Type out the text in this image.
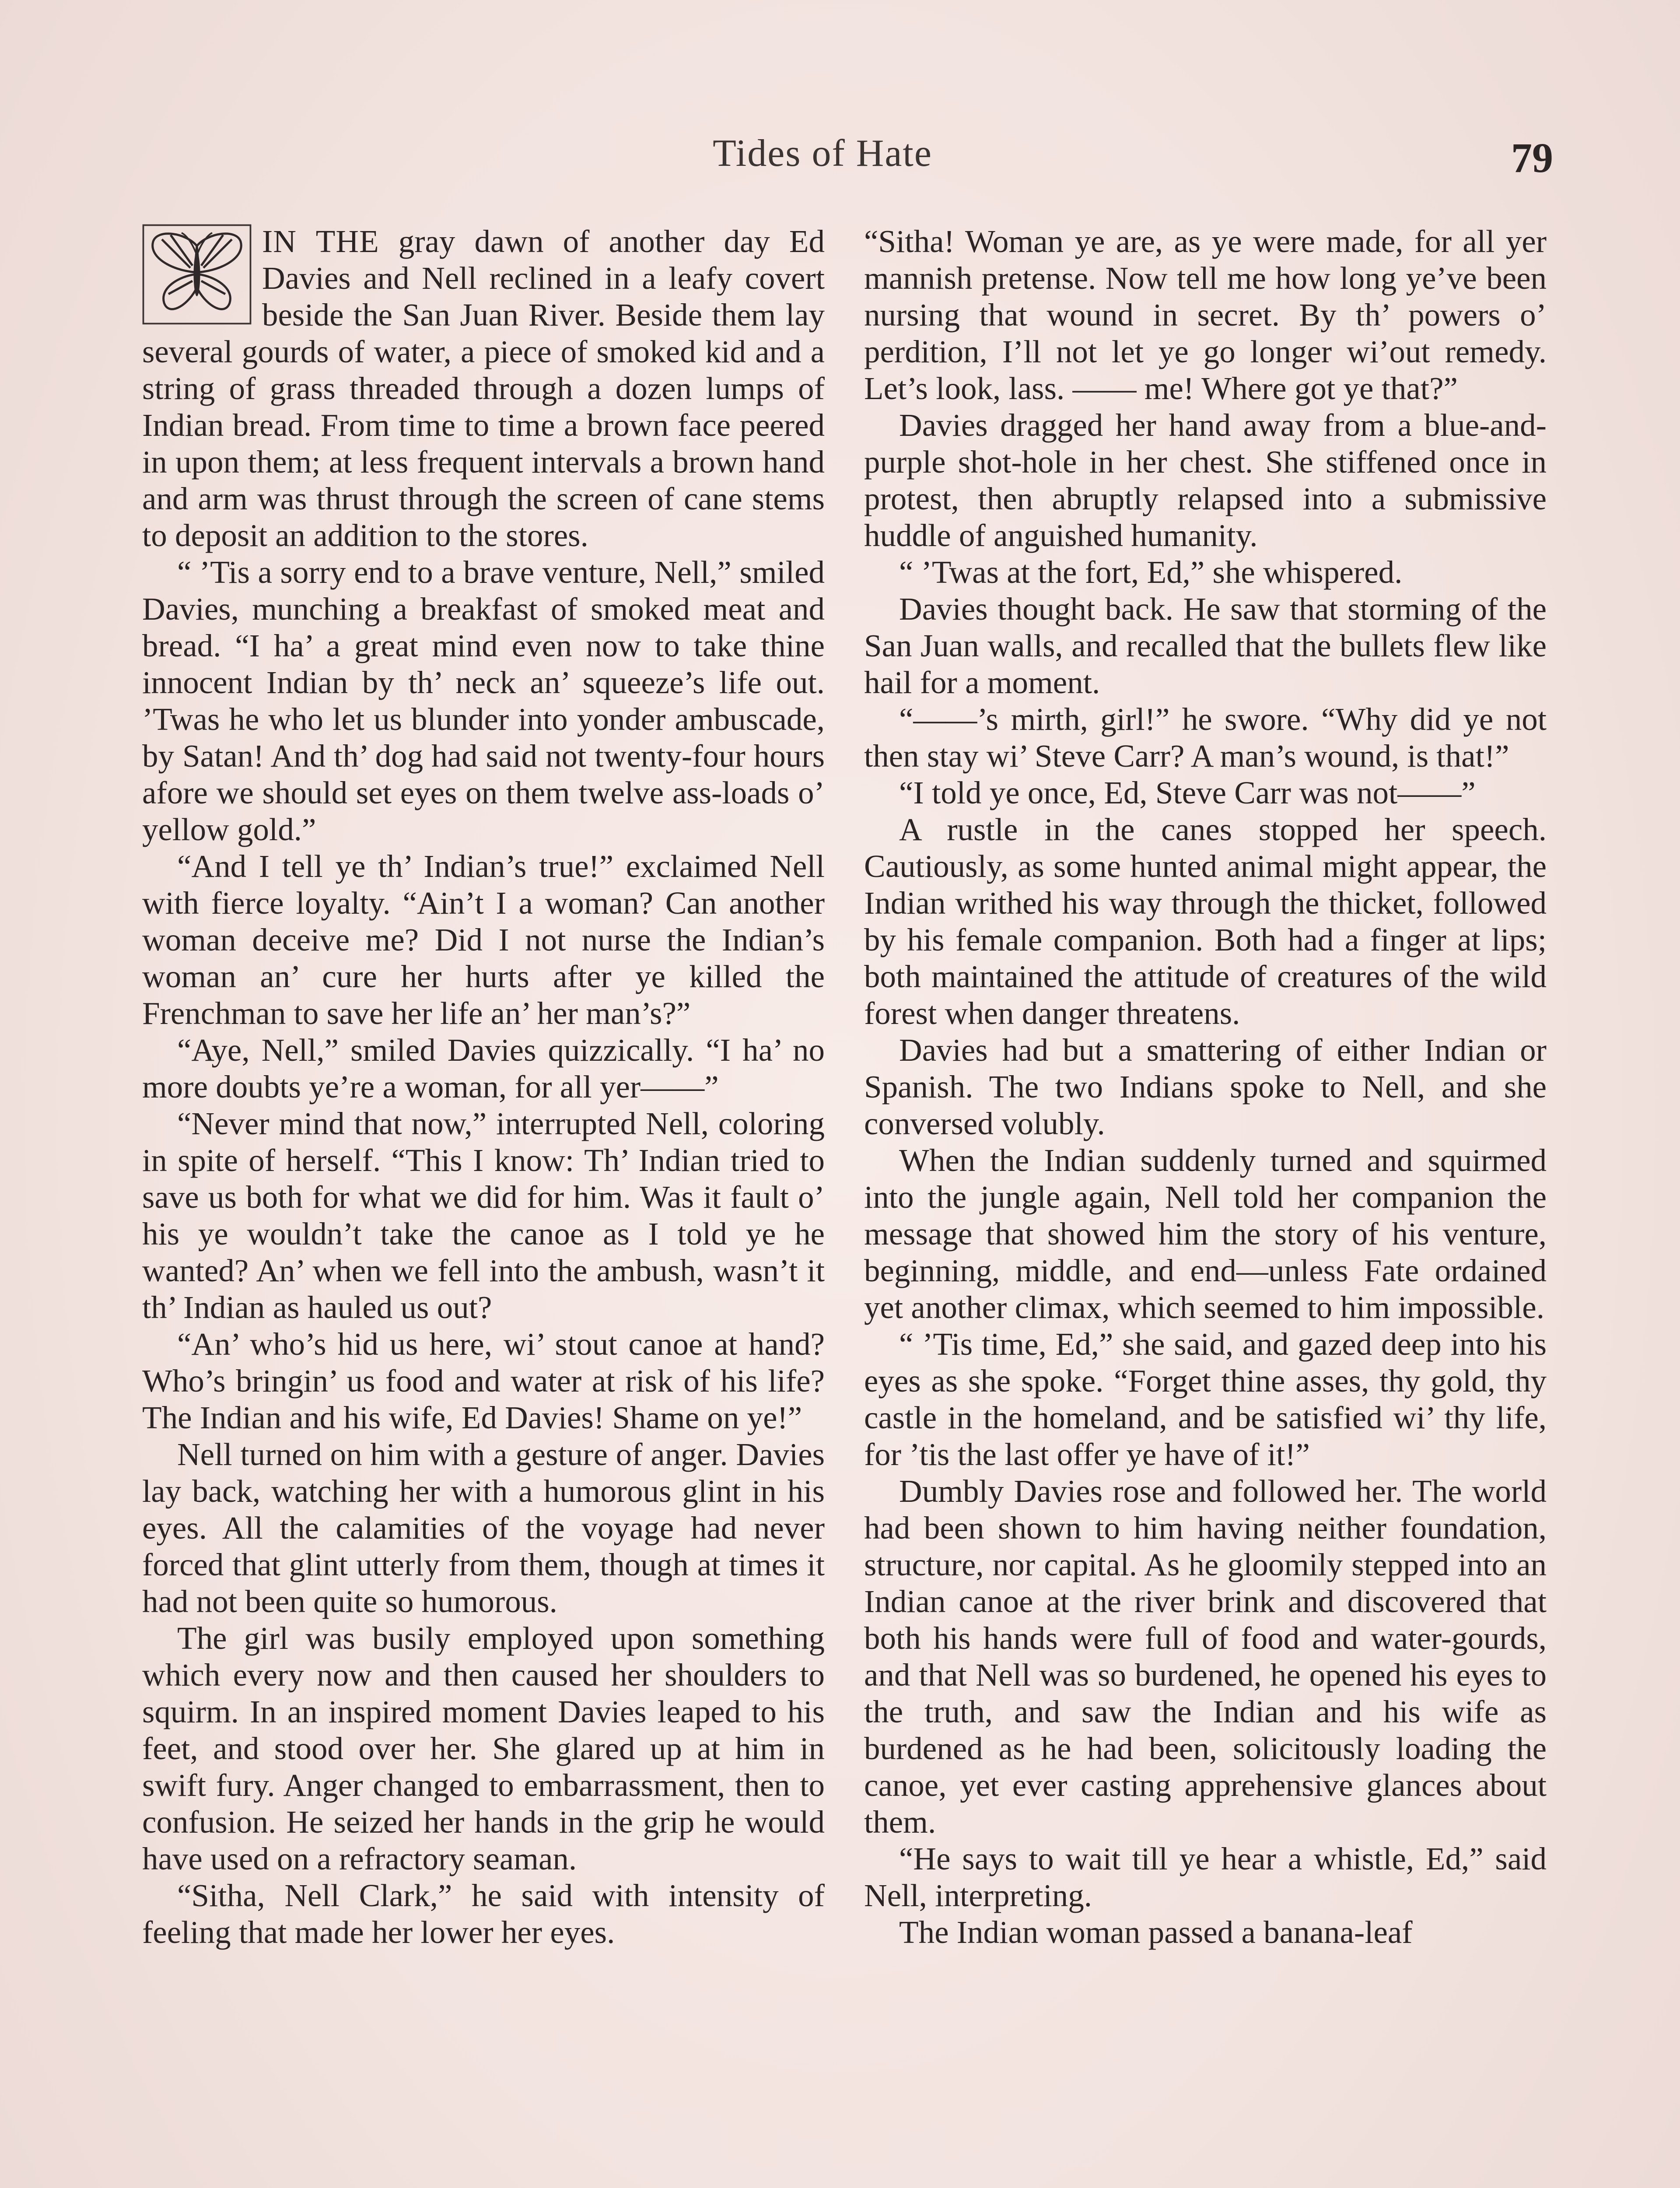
Tides of Hate	79

IN THE gray dawn of another day Ed Davies and Nell reclined in a leafy covert beside the San Juan River. Beside them lay several gourds of water, a piece of smoked kid and a string of grass threaded through a dozen lumps of Indian bread. From time to time a brown face peered in upon them; at less frequent intervals a brown hand and arm was thrust through the screen of cane stems to deposit an addition to the stores.

“ ’Tis a sorry end to a brave venture, Nell,” smiled Davies, munching a breakfast of smoked meat and bread. “I ha’ a great mind even now to take thine innocent Indian by th’ neck an’ squeeze’s life out. ’Twas he who let us blunder into yonder ambuscade, by Satan! And th’ dog had said not twenty-four hours afore we should set eyes on them twelve ass-loads o’ yellow gold.”

“And I tell ye th’ Indian’s true!” exclaimed Nell with fierce loyalty. “Ain’t I a woman? Can another woman deceive me? Did I not nurse the Indian’s woman an’ cure her hurts after ye killed the Frenchman to save her life an’ her man’s?”

“Aye, Nell,” smiled Davies quizzically. “I ha’ no more doubts ye’re a woman, for all yer——”

“Never mind that now,” interrupted Nell, coloring in spite of herself. “This I know: Th’ Indian tried to save us both for what we did for him. Was it fault o’ his ye wouldn’t take the canoe as I told ye he wanted? An’ when we fell into the ambush, wasn’t it th’ Indian as hauled us out?

“An’ who’s hid us here, wi’ stout canoe at hand? Who’s bringin’ us food and water at risk of his life? The Indian and his wife, Ed Davies! Shame on ye!”

Nell turned on him with a gesture of anger. Davies lay back, watching her with a humorous glint in his eyes. All the calamities of the voyage had never forced that glint utterly from them, though at times it had not been quite so humorous.

The girl was busily employed upon something which every now and then caused her shoulders to squirm. In an inspired moment Davies leaped to his feet, and stood over her. She glared up at him in swift fury. Anger changed to embarrassment, then to confusion. He seized her hands in the grip he would have used on a refractory seaman.

“Sitha, Nell Clark,” he said with intensity of feeling that made her lower her eyes.

“Sitha! Woman ye are, as ye were made, for all yer mannish pretense. Now tell me how long ye’ve been nursing that wound in secret. By th’ powers o’ perdition, I’ll not let ye go longer wi’out remedy. Let’s look, lass. —— me! Where got ye that?”

Davies dragged her hand away from a blue-and-purple shot-hole in her chest. She stiffened once in protest, then abruptly relapsed into a submissive huddle of anguished humanity.

“ ’Twas at the fort, Ed,” she whispered.

Davies thought back. He saw that storming of the San Juan walls, and recalled that the bullets flew like hail for a moment.

“——’s mirth, girl!” he swore. “Why did ye not then stay wi’ Steve Carr? A man’s wound, is that!”

“I told ye once, Ed, Steve Carr was not——”

A rustle in the canes stopped her speech. Cautiously, as some hunted animal might appear, the Indian writhed his way through the thicket, followed by his female companion. Both had a finger at lips; both maintained the attitude of creatures of the wild forest when danger threatens.

Davies had but a smattering of either Indian or Spanish. The two Indians spoke to Nell, and she conversed volubly.

When the Indian suddenly turned and squirmed into the jungle again, Nell told her companion the message that showed him the story of his venture, beginning, middle, and end—unless Fate ordained yet another climax, which seemed to him impossible.

“ ’Tis time, Ed,” she said, and gazed deep into his eyes as she spoke. “Forget thine asses, thy gold, thy castle in the homeland, and be satisfied wi’ thy life, for ’tis the last offer ye have of it!”

Dumbly Davies rose and followed her. The world had been shown to him having neither foundation, structure, nor capital. As he gloomily stepped into an Indian canoe at the river brink and discovered that both his hands were full of food and water-gourds, and that Nell was so burdened, he opened his eyes to the truth, and saw the Indian and his wife as burdened as he had been, solicitously loading the canoe, yet ever casting apprehensive glances about them.

“He says to wait till ye hear a whistle, Ed,” said Nell, interpreting.

The Indian woman passed a banana-leaf
